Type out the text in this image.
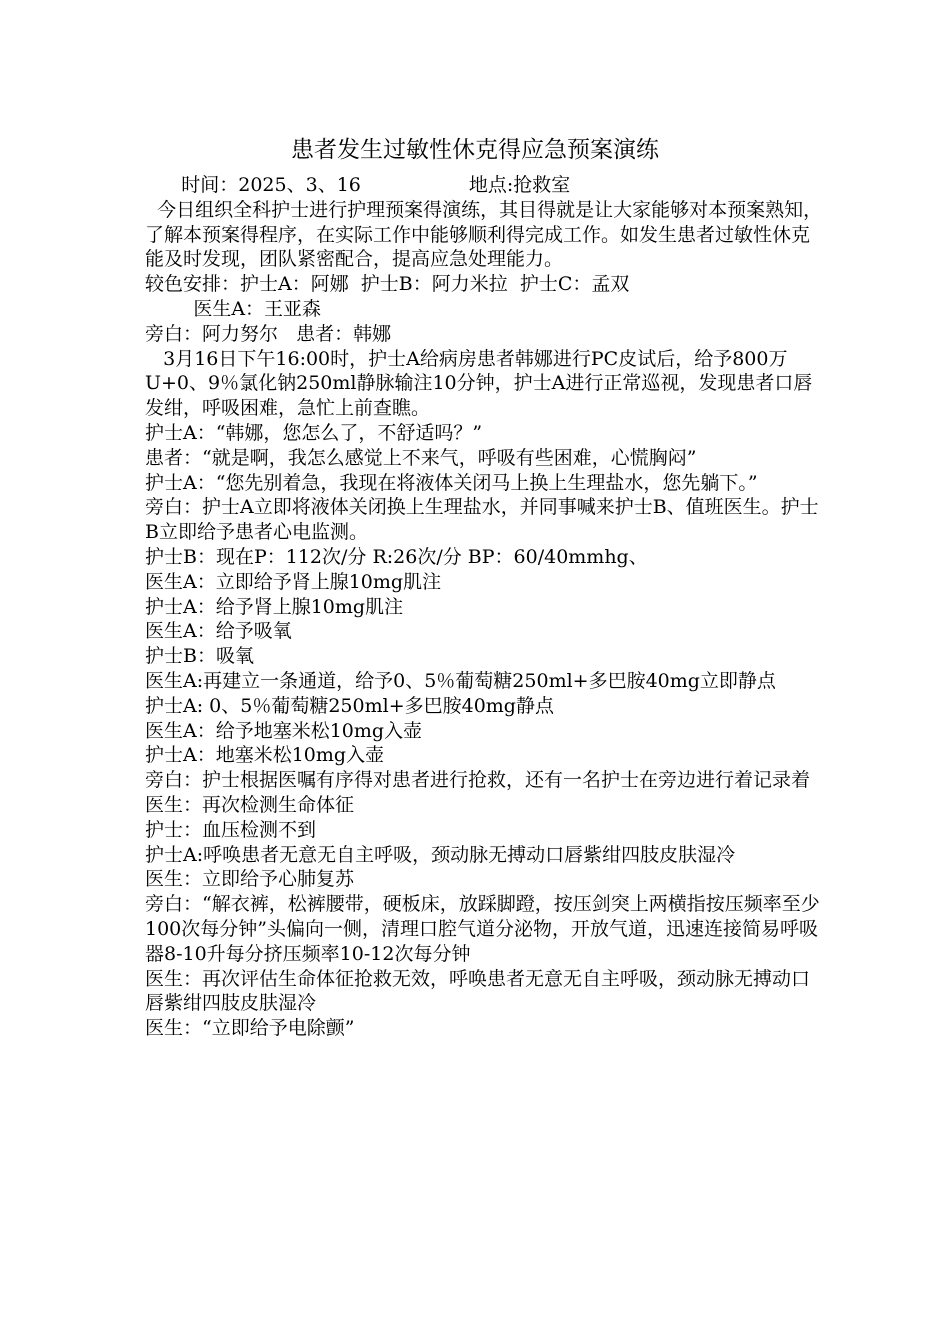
患者发生过敏性休克得应急预案演练

时间：2025、3、16	地点:抢救室

今日组织全科护士进行护理预案得演练，其目得就是让大家能够对本预案熟知，了解本预案得程序，在实际工作中能够顺利得完成工作。如发生患者过敏性休克能及时发现，团队紧密配合，提高应急处理能力。

较色安排：护士A：阿娜  护士B：阿力米拉  护士C：孟双

医生A：王亚森

旁白：阿力努尔   患者：韩娜

3月16日下午16:00时，护士A给病房患者韩娜进行PC皮试后，给予800万U+0、9％氯化钠250ml静脉输注10分钟，护士A进行正常巡视，发现患者口唇发绀，呼吸困难，急忙上前查瞧。

护士A：“韩娜，您怎么了，不舒适吗？”

患者：“就是啊，我怎么感觉上不来气，呼吸有些困难，心慌胸闷”

护士A：“您先别着急，我现在将液体关闭马上换上生理盐水，您先躺下。”

旁白：护士A立即将液体关闭换上生理盐水，并同事喊来护士B、值班医生。护士B立即给予患者心电监测。

护士B：现在P：112次/分 R:26次/分 BP：60/40mmhg、

医生A：立即给予肾上腺10mg肌注

护士A：给予肾上腺10mg肌注

医生A：给予吸氧

护士B：吸氧

医生A:再建立一条通道，给予0、5％葡萄糖250ml+多巴胺40mg立即静点

护士A: 0、5％葡萄糖250ml+多巴胺40mg静点

医生A：给予地塞米松10mg入壶

护士A：地塞米松10mg入壶

旁白：护士根据医嘱有序得对患者进行抢救，还有一名护士在旁边进行着记录着

医生：再次检测生命体征

护士：血压检测不到

护士A:呼唤患者无意无自主呼吸，颈动脉无搏动口唇紫绀四肢皮肤湿冷

医生：立即给予心肺复苏

旁白：“解衣裤，松裤腰带，硬板床，放踩脚蹬，按压剑突上两横指按压频率至少100次每分钟”头偏向一侧，清理口腔气道分泌物，开放气道，迅速连接简易呼吸器8-10升每分挤压频率10-12次每分钟

医生：再次评估生命体征抢救无效，呼唤患者无意无自主呼吸，颈动脉无搏动口唇紫绀四肢皮肤湿冷

医生：“立即给予电除颤”
